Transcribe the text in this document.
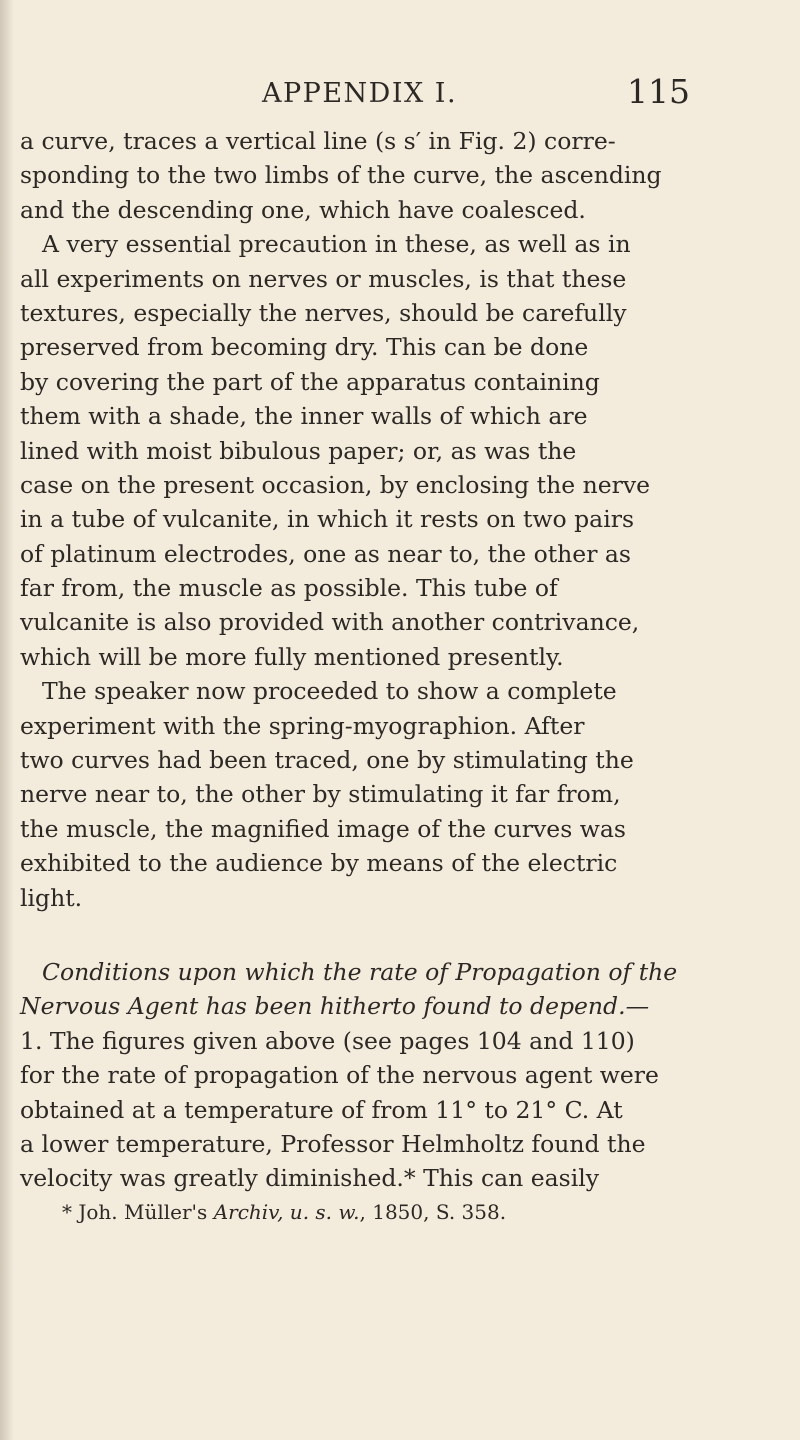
APPENDIX I.	115
a curve, traces a vertical line (s s′ in Fig. 2) corre-
sponding to the two limbs of the curve, the ascending
and the descending one, which have coalesced.
A very essential precaution in these, as well as in
all experiments on nerves or muscles, is that these
textures, especially the nerves, should be carefully
preserved from becoming dry. This can be done
by covering the part of the apparatus containing
them with a shade, the inner walls of which are
lined with moist bibulous paper; or, as was the
case on the present occasion, by enclosing the nerve
in a tube of vulcanite, in which it rests on two pairs
of platinum electrodes, one as near to, the other as
far from, the muscle as possible. This tube of
vulcanite is also provided with another contrivance,
which will be more fully mentioned presently.
The speaker now proceeded to show a complete
experiment with the spring-myographion. After
two curves had been traced, one by stimulating the
nerve near to, the other by stimulating it far from,
the muscle, the magnified image of the curves was
exhibited to the audience by means of the electric
light.
Conditions upon which the rate of Propagation of the
Nervous Agent has been hitherto found to depend.—
1. The figures given above (see pages 104 and 110)
for the rate of propagation of the nervous agent were
obtained at a temperature of from 11° to 21° C. At
a lower temperature, Professor Helmholtz found the
velocity was greatly diminished.* This can easily
* Joh. Müller's Archiv, u. s. w., 1850, S. 358.
